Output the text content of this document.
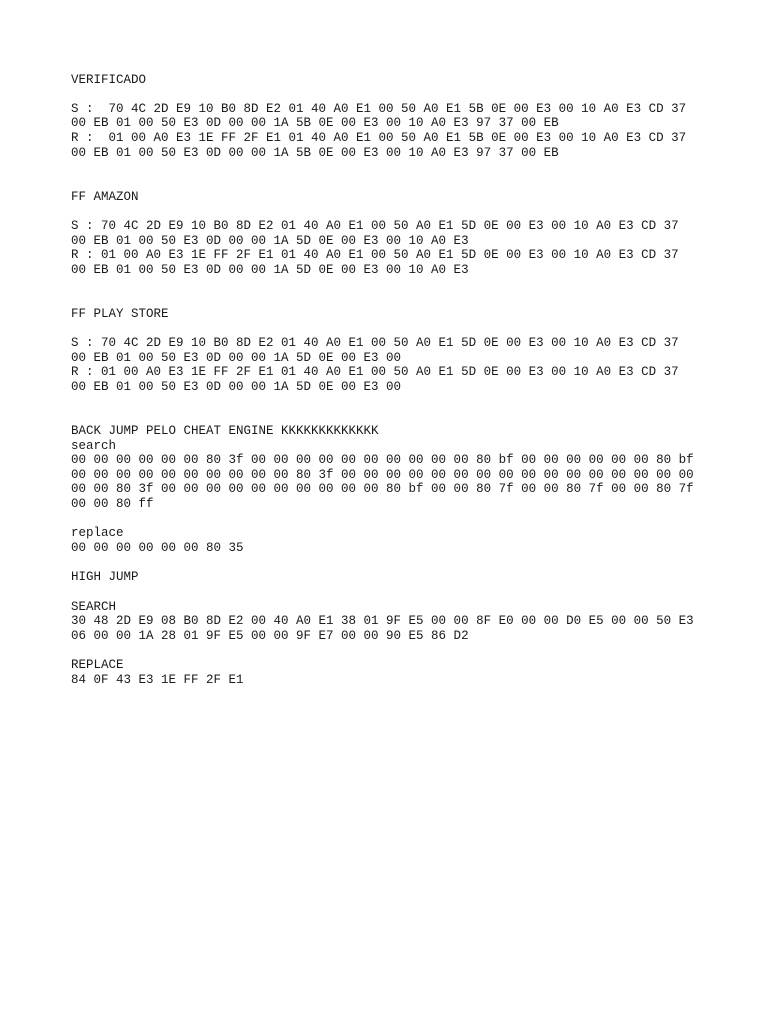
VERIFICADO
S :  70 4C 2D E9 10 B0 8D E2 01 40 A0 E1 00 50 A0 E1 5B 0E 00 E3 00 10 A0 E3 CD 37
00 EB 01 00 50 E3 0D 00 00 1A 5B 0E 00 E3 00 10 A0 E3 97 37 00 EB
R :  01 00 A0 E3 1E FF 2F E1 01 40 A0 E1 00 50 A0 E1 5B 0E 00 E3 00 10 A0 E3 CD 37
00 EB 01 00 50 E3 0D 00 00 1A 5B 0E 00 E3 00 10 A0 E3 97 37 00 EB
FF AMAZON
S : 70 4C 2D E9 10 B0 8D E2 01 40 A0 E1 00 50 A0 E1 5D 0E 00 E3 00 10 A0 E3 CD 37
00 EB 01 00 50 E3 0D 00 00 1A 5D 0E 00 E3 00 10 A0 E3
R : 01 00 A0 E3 1E FF 2F E1 01 40 A0 E1 00 50 A0 E1 5D 0E 00 E3 00 10 A0 E3 CD 37
00 EB 01 00 50 E3 0D 00 00 1A 5D 0E 00 E3 00 10 A0 E3
FF PLAY STORE
S : 70 4C 2D E9 10 B0 8D E2 01 40 A0 E1 00 50 A0 E1 5D 0E 00 E3 00 10 A0 E3 CD 37
00 EB 01 00 50 E3 0D 00 00 1A 5D 0E 00 E3 00
R : 01 00 A0 E3 1E FF 2F E1 01 40 A0 E1 00 50 A0 E1 5D 0E 00 E3 00 10 A0 E3 CD 37
00 EB 01 00 50 E3 0D 00 00 1A 5D 0E 00 E3 00
BACK JUMP PELO CHEAT ENGINE KKKKKKKKKKKKK
search
00 00 00 00 00 00 80 3f 00 00 00 00 00 00 00 00 00 00 80 bf 00 00 00 00 00 00 80 bf
00 00 00 00 00 00 00 00 00 00 80 3f 00 00 00 00 00 00 00 00 00 00 00 00 00 00 00 00
00 00 80 3f 00 00 00 00 00 00 00 00 00 00 80 bf 00 00 80 7f 00 00 80 7f 00 00 80 7f
00 00 80 ff
replace
00 00 00 00 00 00 80 35
HIGH JUMP
SEARCH
30 48 2D E9 08 B0 8D E2 00 40 A0 E1 38 01 9F E5 00 00 8F E0 00 00 D0 E5 00 00 50 E3
06 00 00 1A 28 01 9F E5 00 00 9F E7 00 00 90 E5 86 D2
REPLACE
84 0F 43 E3 1E FF 2F E1
